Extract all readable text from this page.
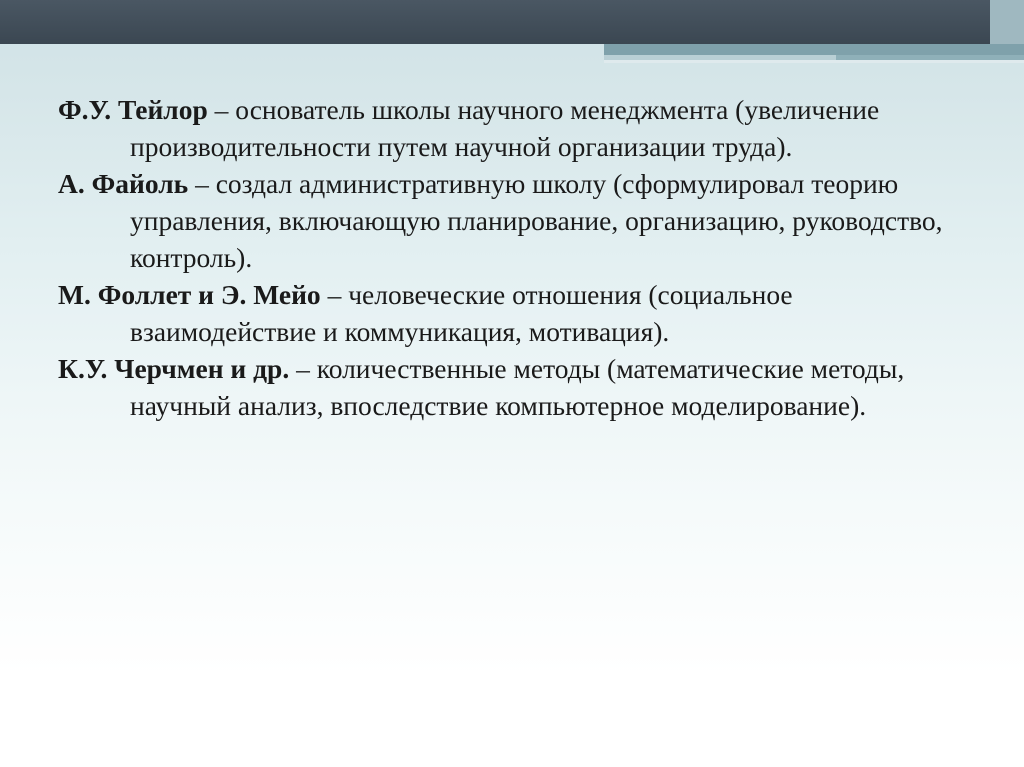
Ф.У. Тейлор – основатель школы научного менеджмента (увеличение производительности путем научной организации труда).

А. Файоль – создал административную школу (сформулировал теорию управления, включающую планирование, организацию, руководство, контроль).

М. Фоллет и Э. Мейо – человеческие отношения (социальное взаимодействие и коммуникация, мотивация).

К.У. Черчмен и др. – количественные методы (математические методы, научный анализ, впоследствие компьютерное моделирование).
